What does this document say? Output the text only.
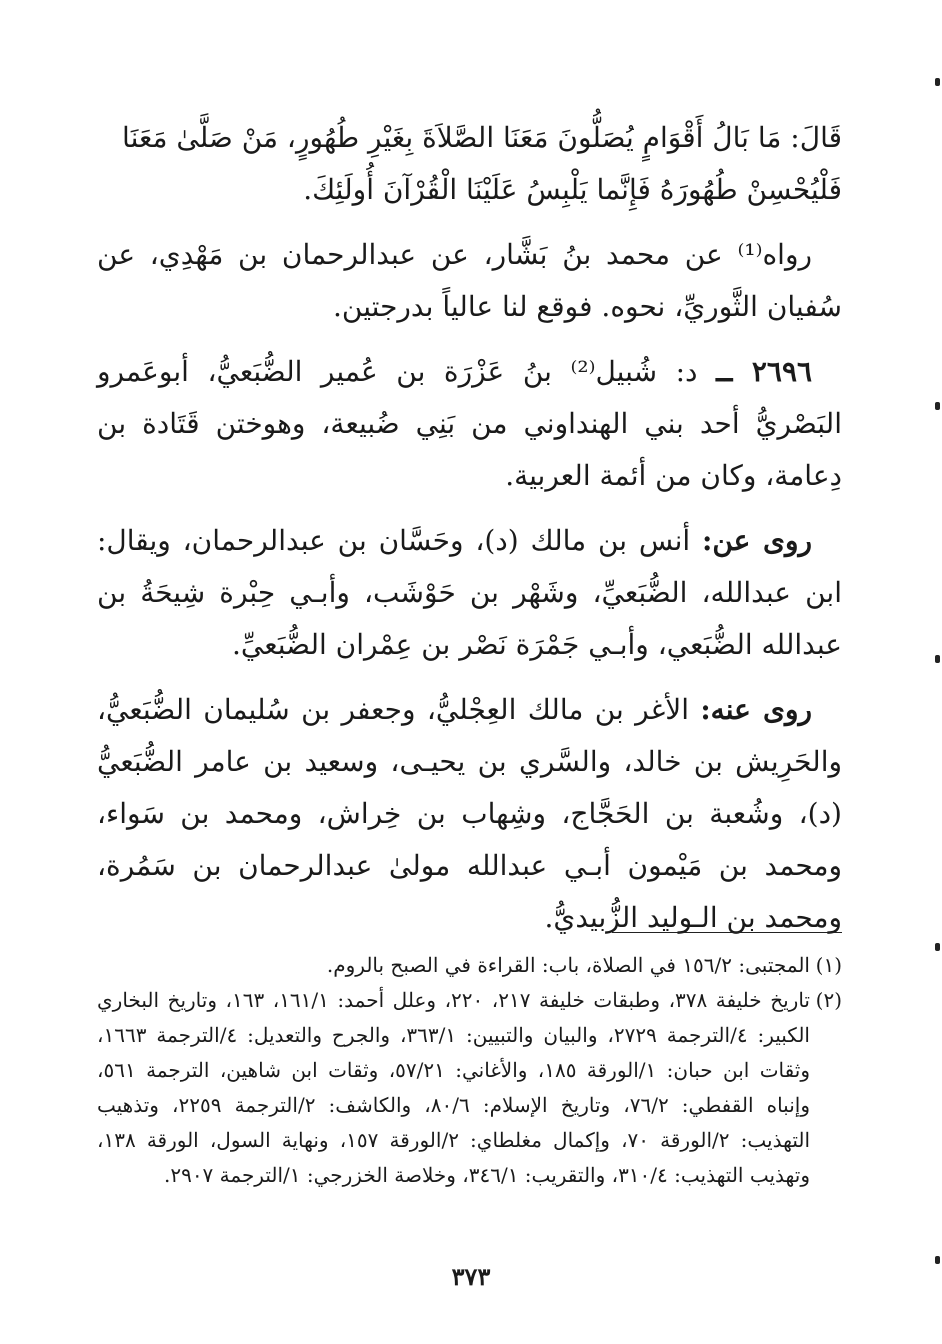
قَالَ: مَا بَالُ أَقْوَامٍ يُصَلُّونَ مَعَنَا الصَّلاَةَ بِغَيْرِ طُهُورٍ، مَنْ صَلَّىٰ مَعَنَا
فَلْيُحْسِنْ طُهُورَهُ فَإِنَّما يَلْبِسُ عَلَيْنَا الْقُرْآنَ أُولَئِكَ.

رواه⁽¹⁾ عن محمد بنُ بَشَّار، عن عبدالرحمان بن مَهْدِي، عن سُفيان الثَّوريِّ، نحوه. فوقع لنا عالياً بدرجتين.

٢٦٩٦ ــ د: شُبيل⁽²⁾ بنُ عَزْرَة بن عُمير الضُّبَعيُّ، أبوعَمرو البَصْريُّ أحد بني الهنداوني من بَنِي ضُبيعة، وهوختن قَتَادة بن دِعامة، وكان من أئمة العربية.

روى عن: أنس بن مالك (د)، وحَسَّان بن عبدالرحمان، ويقال: ابن عبدالله، الضُّبَعيِّ، وشَهْر بن حَوْشَب، وأبـي حِبْرة شِيحَةُ بن عبدالله الضُّبَعي، وأبـي جَمْرَة نَصْر بن عِمْران الضُّبَعيِّ.

روى عنه: الأغر بن مالك العِجْليُّ، وجعفر بن سُليمان الضُّبَعيُّ، والحَرِيش بن خالد، والسَّري بن يحيـى، وسعيد بن عامر الضُّبَعيُّ (د)، وشُعبة بن الحَجَّاج، وشِهاب بن خِراش، ومحمد بن سَواء، ومحمد بن مَيْمون أبـي عبدالله مولىٰ عبدالرحمان بن سَمُرة، ومحمد بن الـوليد الزُّبيديُّ.

(١)
المجتبى: ١٥٦/٢ في الصلاة، باب: القراءة في الصبح بالروم.

(٢)
تاريخ خليفة ٣٧٨، وطبقات خليفة ٢١٧، ٢٢٠، وعلل أحمد: ١٦١/١، ١٦٣، وتاريخ البخاري الكبير: ٤/الترجمة ٢٧٢٩، والبيان والتبيين: ٣٦٣/١، والجرح والتعديل: ٤/الترجمة ١٦٦٣، وثقات ابن حبان: ١/الورقة ١٨٥، والأغاني: ٥٧/٢١، وثقات ابن شاهين، الترجمة ٥٦١، وإنباه القفطي: ٧٦/٢، وتاريخ الإسلام: ٨٠/٦، والكاشف: ٢/الترجمة ٢٢٥٩، وتذهيب التهذيب: ٢/الورقة ٧٠، وإكمال مغلطاي: ٢/الورقة ١٥٧، ونهاية السول، الورقة ١٣٨، وتهذيب التهذيب: ٣١٠/٤، والتقريب: ٣٤٦/١، وخلاصة الخزرجي: ١/الترجمة ٢٩٠٧.

٣٧٣
